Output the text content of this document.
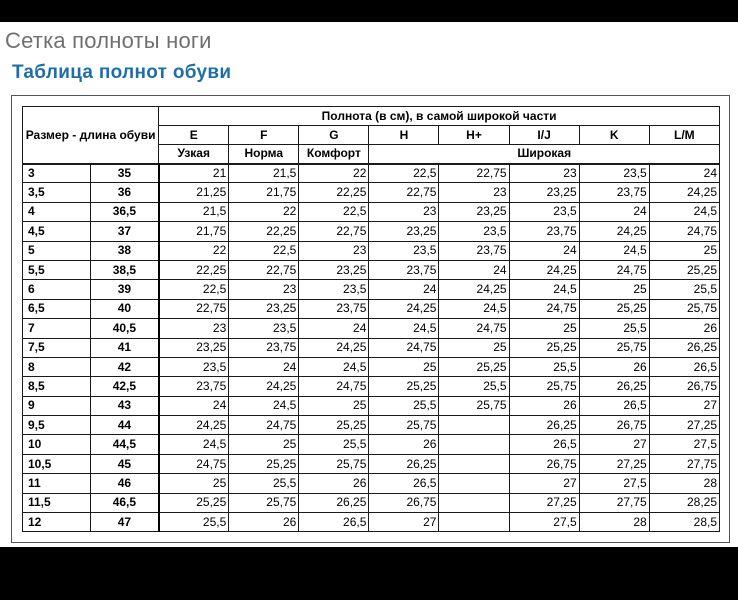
Сетка полноты ноги
Таблица полнот обуви
Размер - длина обуви		Полнота (в см), в самой широкой части							
		E	F	G	H	H+	I/J	K	L/M
		Узкая	Норма	Комфорт	Широкая				
3	35	21	21,5	22	22,5	22,75	23	23,5	24
3,5	36	21,25	21,75	22,25	22,75	23	23,25	23,75	24,25
4	36,5	21,5	22	22,5	23	23,25	23,5	24	24,5
4,5	37	21,75	22,25	22,75	23,25	23,5	23,75	24,25	24,75
5	38	22	22,5	23	23,5	23,75	24	24,5	25
5,5	38,5	22,25	22,75	23,25	23,75	24	24,25	24,75	25,25
6	39	22,5	23	23,5	24	24,25	24,5	25	25,5
6,5	40	22,75	23,25	23,75	24,25	24,5	24,75	25,25	25,75
7	40,5	23	23,5	24	24,5	24,75	25	25,5	26
7,5	41	23,25	23,75	24,25	24,75	25	25,25	25,75	26,25
8	42	23,5	24	24,5	25	25,25	25,5	26	26,5
8,5	42,5	23,75	24,25	24,75	25,25	25,5	25,75	26,25	26,75
9	43	24	24,5	25	25,5	25,75	26	26,5	27
9,5	44	24,25	24,75	25,25	25,75		26,25	26,75	27,25
10	44,5	24,5	25	25,5	26		26,5	27	27,5
10,5	45	24,75	25,25	25,75	26,25		26,75	27,25	27,75
11	46	25	25,5	26	26,5		27	27,5	28
11,5	46,5	25,25	25,75	26,25	26,75		27,25	27,75	28,25
12	47	25,5	26	26,5	27		27,5	28	28,5
